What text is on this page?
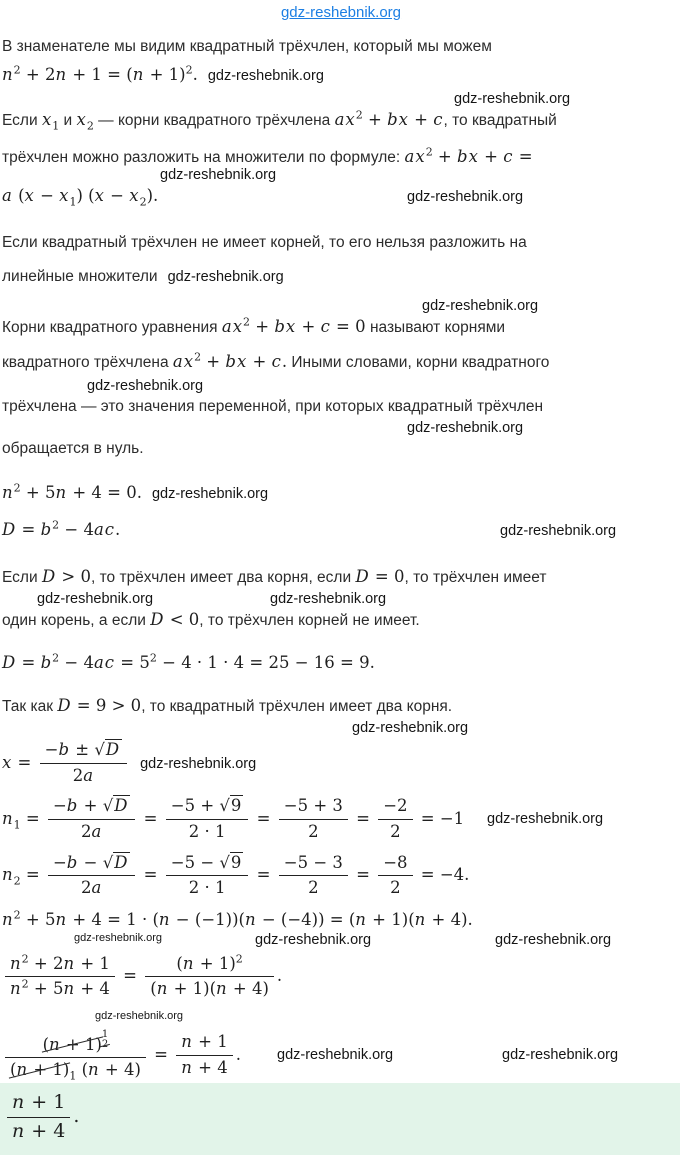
gdz-reshebnik.org
В знаменателе мы видим квадратный трёхчлен, который мы можем
$n^2 + 2n + 1 = (n + 1)^2$. gdz-reshebnik.org
gdz-reshebnik.org
Если $x_1$ и $x_2$ — корни квадратного трёхчлена $ax^2$ + bx + c, то квадратный
трёхчлен можно разложить на множители по формуле: $ax^2$ + bx + c =
gdz-reshebnik.org
a $(x - x_1)$ $(x - x_2)$.	gdz-reshebnik.org
Если квадратный трёхчлен не имеет корней, то его нельзя разложить на
линейные множители gdz-reshebnik.org
gdz-reshebnik.org
Корни квадратного уравнения $ax^2$ + bx + c = 0 называют корнями
квадратного трёхчлена $ax^2$ + bx + c. Иными словами, корни квадратного
gdz-reshebnik.org
трёхчлена — это значения переменной, при которых квадратный трёхчлен
gdz-reshebnik.org
обращается в нуль.
$n^2 + 5n + 4 = 0$. gdz-reshebnik.org
$D = b^2 - 4ac$.	gdz-reshebnik.org
Если D > 0, то трёхчлен имеет два корня, если D = 0, то трёхчлен имеет
gdz-reshebnik.org	gdz-reshebnik.org
один корень, а если D < 0, то трёхчлен корней не имеет.
$D = b^2 - 4ac = 5^2 - 4 \cdot 1 \cdot 4 = 25 - 16 = 9$.
Так как D = 9 > 0, то квадратный трёхчлен имеет два корня.
gdz-reshebnik.org
$x = \frac{-b \pm √D}{2a}$ gdz-reshebnik.org
$n_1 = \frac{-b + √D}{2a} = \frac{-5 + √9}{2 \cdot 1} = \frac{-5 + 3}{2} = \frac{-2}{2} = -1$ gdz-reshebnik.org
$n_2 = \frac{-b - √D}{2a} = \frac{-5 - √9}{2 \cdot 1} = \frac{-5 - 3}{2} = \frac{-8}{2} = -4$.
$n^2 + 5n + 4 = 1 \cdot (n - (-1))(n - (-4)) = (n + 1)(n + 4)$.
gdz-reshebnik.org	gdz-reshebnik.org	gdz-reshebnik.org
$\frac{n^2 + 2n + 1}{n^2 + 5n + 4} = \frac{(n + 1)^2}{(n + 1)(n + 4)}$ .
gdz-reshebnik.org
(n + 1) $^{1 2}$
$(n + 1)_1$ $(n + 4) = \frac{n + 1}{n + 4}$ . gdz-reshebnik.org	gdz-reshebnik.org
$\frac{n + 1}{n + 4}$ .
